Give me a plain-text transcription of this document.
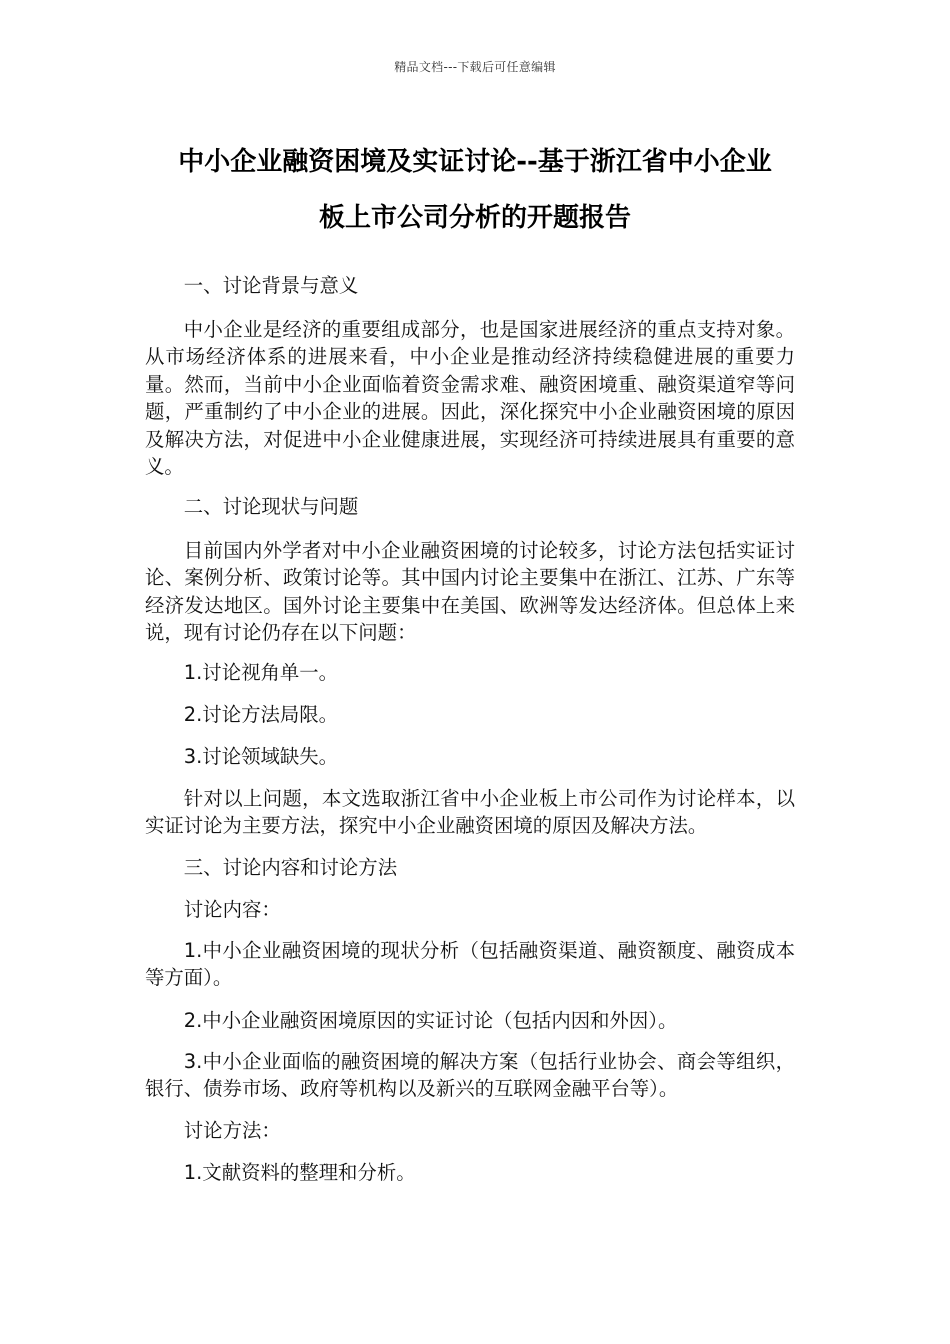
精品文档---下载后可任意编辑
中小企业融资困境及实证讨论--基于浙江省中小企业
板上市公司分析的开题报告
一、讨论背景与意义

中小企业是经济的重要组成部分，也是国家进展经济的重点支持对象。从市场经济体系的进展来看，中小企业是推动经济持续稳健进展的重要力量。然而，当前中小企业面临着资金需求难、融资困境重、融资渠道窄等问题，严重制约了中小企业的进展。因此，深化探究中小企业融资困境的原因及解决方法，对促进中小企业健康进展，实现经济可持续进展具有重要的意义。

二、讨论现状与问题

目前国内外学者对中小企业融资困境的讨论较多，讨论方法包括实证讨论、案例分析、政策讨论等。其中国内讨论主要集中在浙江、江苏、广东等经济发达地区。国外讨论主要集中在美国、欧洲等发达经济体。但总体上来说，现有讨论仍存在以下问题：

1.讨论视角单一。
2.讨论方法局限。
3.讨论领域缺失。

针对以上问题，本文选取浙江省中小企业板上市公司作为讨论样本，以实证讨论为主要方法，探究中小企业融资困境的原因及解决方法。

三、讨论内容和讨论方法
讨论内容：

1.中小企业融资困境的现状分析（包括融资渠道、融资额度、融资成本等方面）。

2.中小企业融资困境原因的实证讨论（包括内因和外因）。

3.中小企业面临的融资困境的解决方案（包括行业协会、商会等组织，银行、债券市场、政府等机构以及新兴的互联网金融平台等）。

讨论方法：
1.文献资料的整理和分析。
